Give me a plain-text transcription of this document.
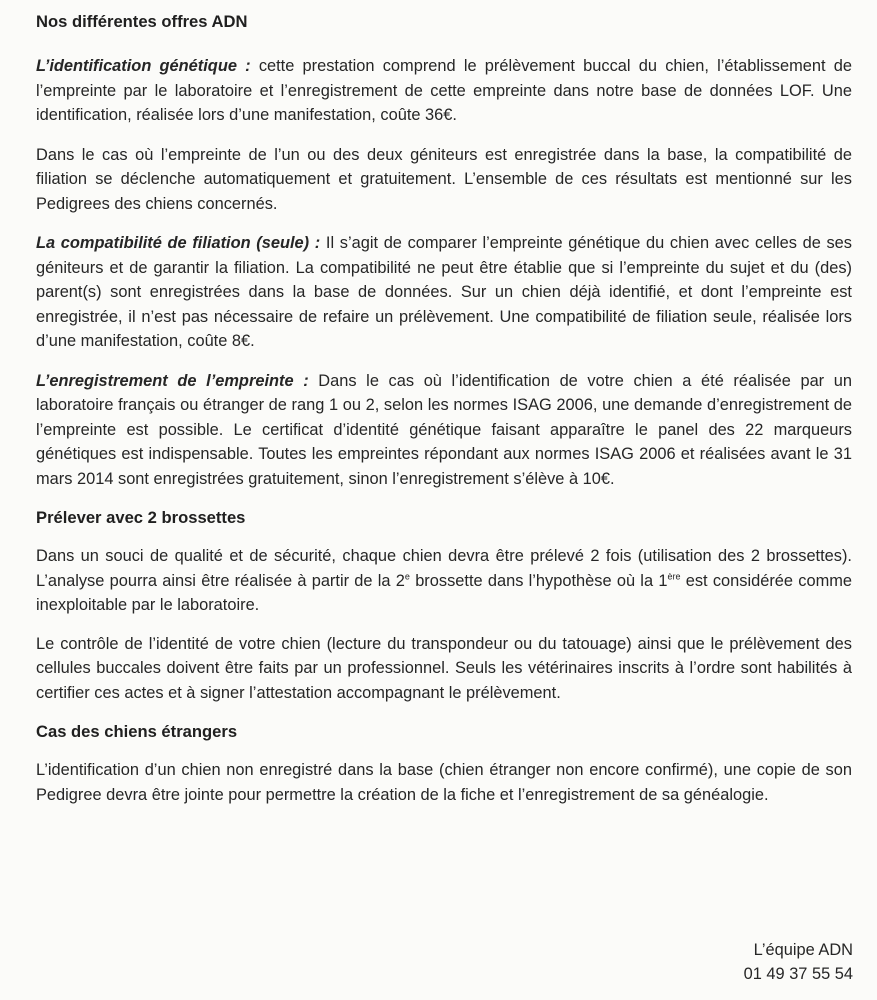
Nos différentes offres ADN

L’identification génétique : cette prestation comprend le prélèvement buccal du chien, l’établissement de l’empreinte par le laboratoire et l’enregistrement de cette empreinte dans notre base de données LOF. Une identification, réalisée lors d’une manifestation, coûte 36€.

Dans le cas où l’empreinte de l’un ou des deux géniteurs est enregistrée dans la base, la compatibilité de filiation se déclenche automatiquement et gratuitement. L’ensemble de ces résultats est mentionné sur les Pedigrees des chiens concernés.

La compatibilité de filiation (seule) : Il s’agit de comparer l’empreinte génétique du chien avec celles de ses géniteurs et de garantir la filiation. La compatibilité ne peut être établie que si l’empreinte du sujet et du (des) parent(s) sont enregistrées dans la base de données. Sur un chien déjà identifié, et dont l’empreinte est enregistrée, il n’est pas nécessaire de refaire un prélèvement. Une compatibilité de filiation seule, réalisée lors d’une manifestation, coûte 8€.

L’enregistrement de l’empreinte : Dans le cas où l’identification de votre chien a été réalisée par un laboratoire français ou étranger de rang 1 ou 2, selon les normes ISAG 2006, une demande d’enregistrement de l’empreinte est possible. Le certificat d’identité génétique faisant apparaître le panel des 22 marqueurs génétiques est indispensable. Toutes les empreintes répondant aux normes ISAG 2006 et réalisées avant le 31 mars 2014 sont enregistrées gratuitement, sinon l’enregistrement s’élève à 10€.

Prélever avec 2 brossettes

Dans un souci de qualité et de sécurité, chaque chien devra être prélevé 2 fois (utilisation des 2 brossettes). L’analyse pourra ainsi être réalisée à partir de la 2e brossette dans l’hypothèse où la 1ère est considérée comme inexploitable par le laboratoire.

Le contrôle de l’identité de votre chien (lecture du transpondeur ou du tatouage) ainsi que le prélèvement des cellules buccales doivent être faits par un professionnel. Seuls les vétérinaires inscrits à l’ordre sont habilités à certifier ces actes et à signer l’attestation accompagnant le prélèvement.

Cas des chiens étrangers

L’identification d’un chien non enregistré dans la base (chien étranger non encore confirmé), une copie de son Pedigree devra être jointe pour permettre la création de la fiche et l’enregistrement de sa généalogie.

L’équipe ADN
01 49 37 55 54
